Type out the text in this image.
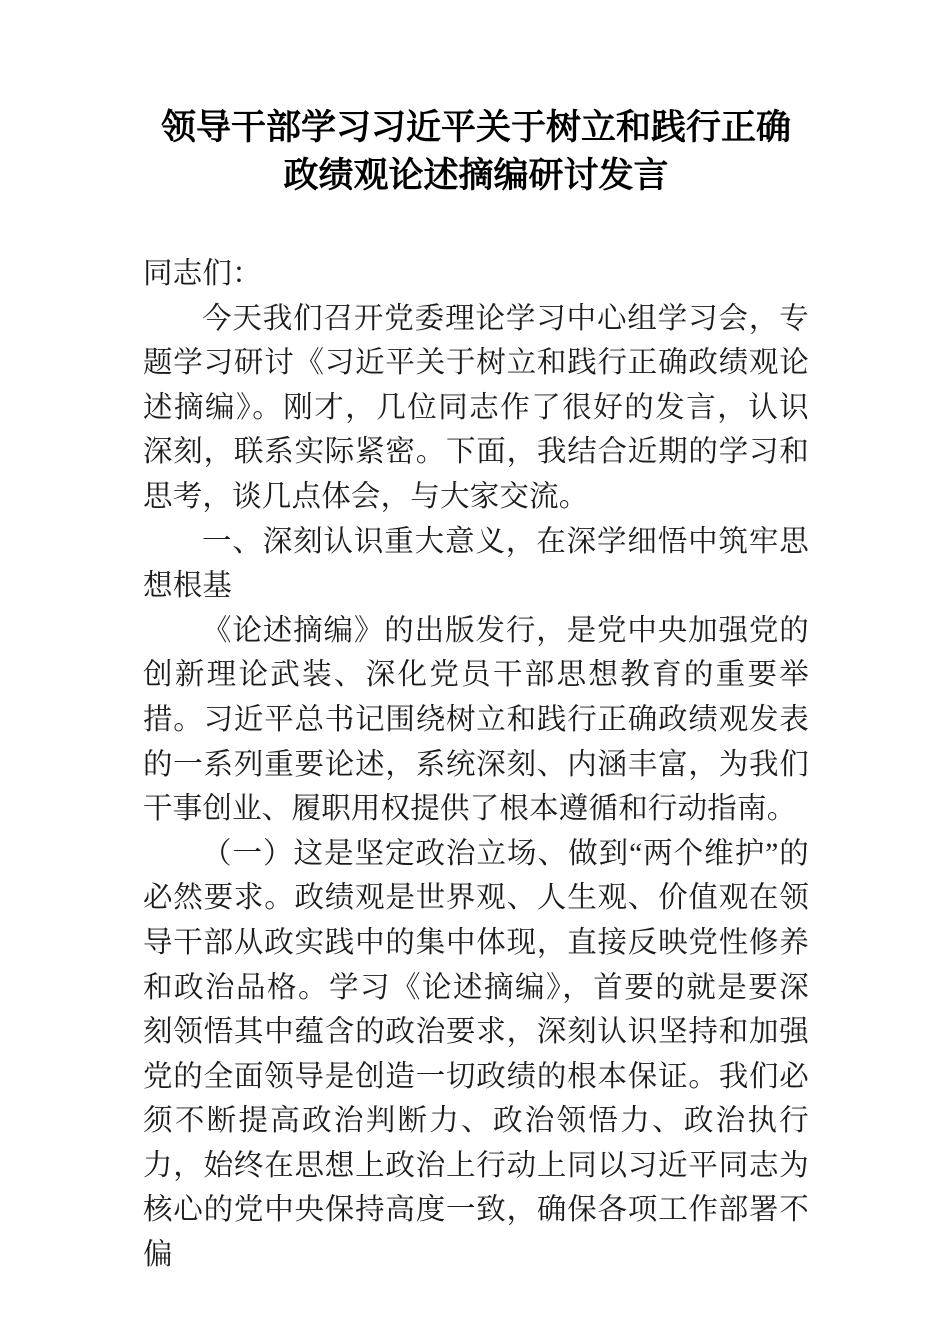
领导干部学习习近平关于树立和践行正确
政绩观论述摘编研讨发言

同志们：

今天我们召开党委理论学习中心组学习会，专题学习研讨《习近平关于树立和践行正确政绩观论述摘编》。刚才，几位同志作了很好的发言，认识深刻，联系实际紧密。下面，我结合近期的学习和思考，谈几点体会，与大家交流。

一、深刻认识重大意义，在深学细悟中筑牢思想根基

《论述摘编》的出版发行，是党中央加强党的创新理论武装、深化党员干部思想教育的重要举措。习近平总书记围绕树立和践行正确政绩观发表的一系列重要论述，系统深刻、内涵丰富，为我们干事创业、履职用权提供了根本遵循和行动指南。

（一）这是坚定政治立场、做到“两个维护”的必然要求。政绩观是世界观、人生观、价值观在领导干部从政实践中的集中体现，直接反映党性修养和政治品格。学习《论述摘编》，首要的就是要深刻领悟其中蕴含的政治要求，深刻认识坚持和加强党的全面领导是创造一切政绩的根本保证。我们必须不断提高政治判断力、政治领悟力、政治执行力，始终在思想上政治上行动上同以习近平同志为核心的党中央保持高度一致，确保各项工作部署不偏
